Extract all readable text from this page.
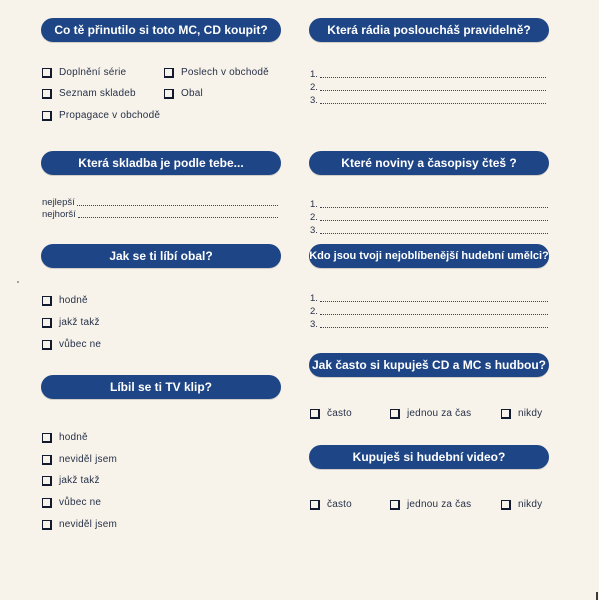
Co tě přinutilo si toto MC, CD koupit?
Doplnění série	Poslech v obchodě
Seznam skladeb	Obal
Propagace v obchodě
Která skladba je podle tebe...
nejlepší
nejhorší
Jak se ti líbí obal?
hodně
jakž takž
vůbec ne
Líbil se ti TV klip?
hodně
neviděl jsem
jakž takž
vůbec ne
neviděl jsem
Která rádia posloucháš pravidelně?
1.
2.
3.
Které noviny a časopisy čteš ?
1.
2.
3.
Kdo jsou tvoji nejoblíbenější hudební umělci?
1.
2.
3.
Jak často si kupuješ CD a MC s hudbou?
často	jednou za čas	nikdy
Kupuješ si hudební video?
často	jednou za čas	nikdy
